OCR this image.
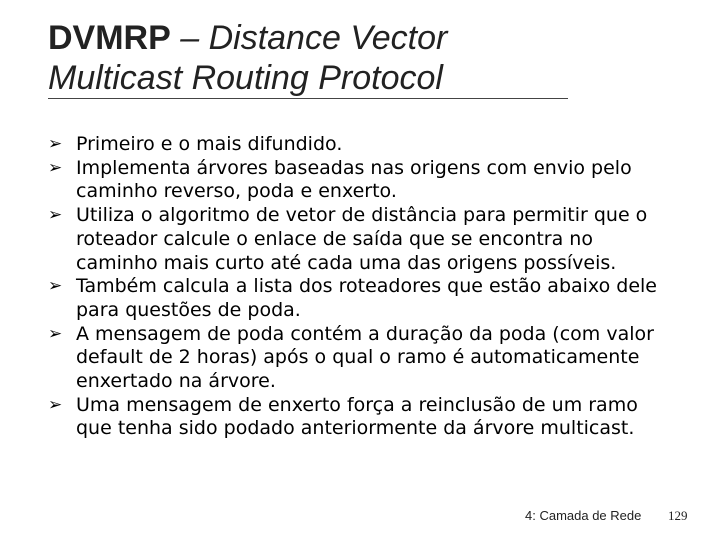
DVMRP – Distance Vector Multicast Routing Protocol
➢ Primeiro e o mais difundido.
➢ Implementa árvores baseadas nas origens com envio pelo caminho reverso, poda e enxerto.
➢ Utiliza o algoritmo de vetor de distância para permitir que o roteador calcule o enlace de saída que se encontra no caminho mais curto até cada uma das origens possíveis.
➢ Também calcula a lista dos roteadores que estão abaixo dele para questões de poda.
➢ A mensagem de poda contém a duração da poda (com valor default de 2 horas) após o qual o ramo é automaticamente enxertado na árvore.
➢ Uma mensagem de enxerto força a reinclusão de um ramo que tenha sido podado anteriormente da árvore multicast.
4: Camada de Rede 129
